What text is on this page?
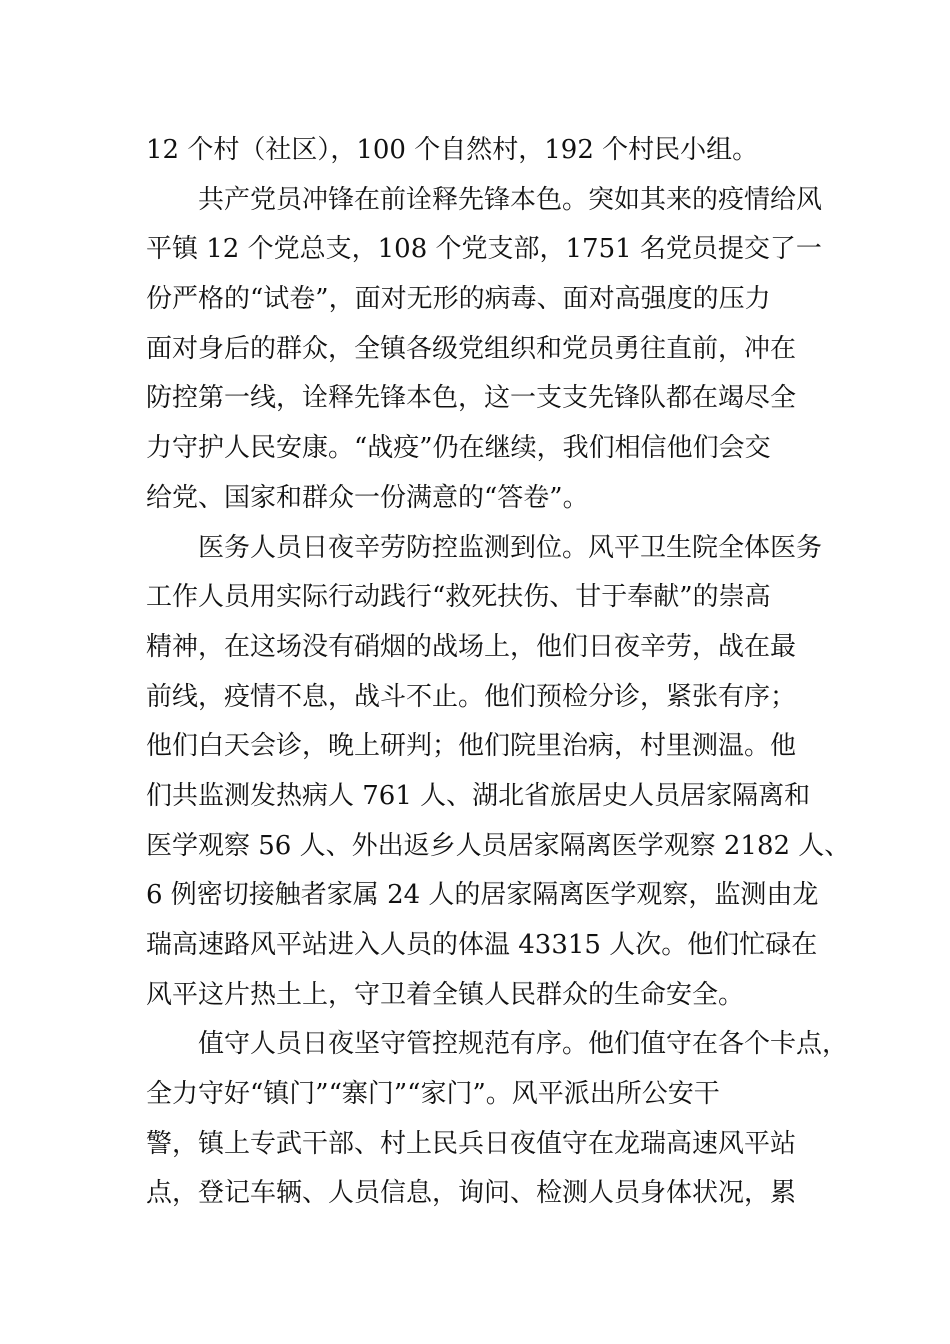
12 个村（社区），100 个自然村，192 个村民小组。
共产党员冲锋在前诠释先锋本色。突如其来的疫情给风
平镇 12 个党总支，108 个党支部，1751 名党员提交了一
份严格的“试卷”，面对无形的病毒、面对高强度的压力
面对身后的群众，全镇各级党组织和党员勇往直前，冲在
防控第一线，诠释先锋本色，这一支支先锋队都在竭尽全
力守护人民安康。“战疫”仍在继续，我们相信他们会交
给党、国家和群众一份满意的“答卷”。
医务人员日夜辛劳防控监测到位。风平卫生院全体医务
工作人员用实际行动践行“救死扶伤、甘于奉献”的崇高
精神，在这场没有硝烟的战场上，他们日夜辛劳，战在最
前线，疫情不息，战斗不止。他们预检分诊，紧张有序；
他们白天会诊，晚上研判；他们院里治病，村里测温。他
们共监测发热病人 761 人、湖北省旅居史人员居家隔离和
医学观察 56 人、外出返乡人员居家隔离医学观察 2182 人、
6 例密切接触者家属 24 人的居家隔离医学观察，监测由龙
瑞高速路风平站进入人员的体温 43315 人次。他们忙碌在
风平这片热土上，守卫着全镇人民群众的生命安全。
值守人员日夜坚守管控规范有序。他们值守在各个卡点，
全力守好“镇门”“寨门”“家门”。风平派出所公安干
警，镇上专武干部、村上民兵日夜值守在龙瑞高速风平站
点，登记车辆、人员信息，询问、检测人员身体状况，累
